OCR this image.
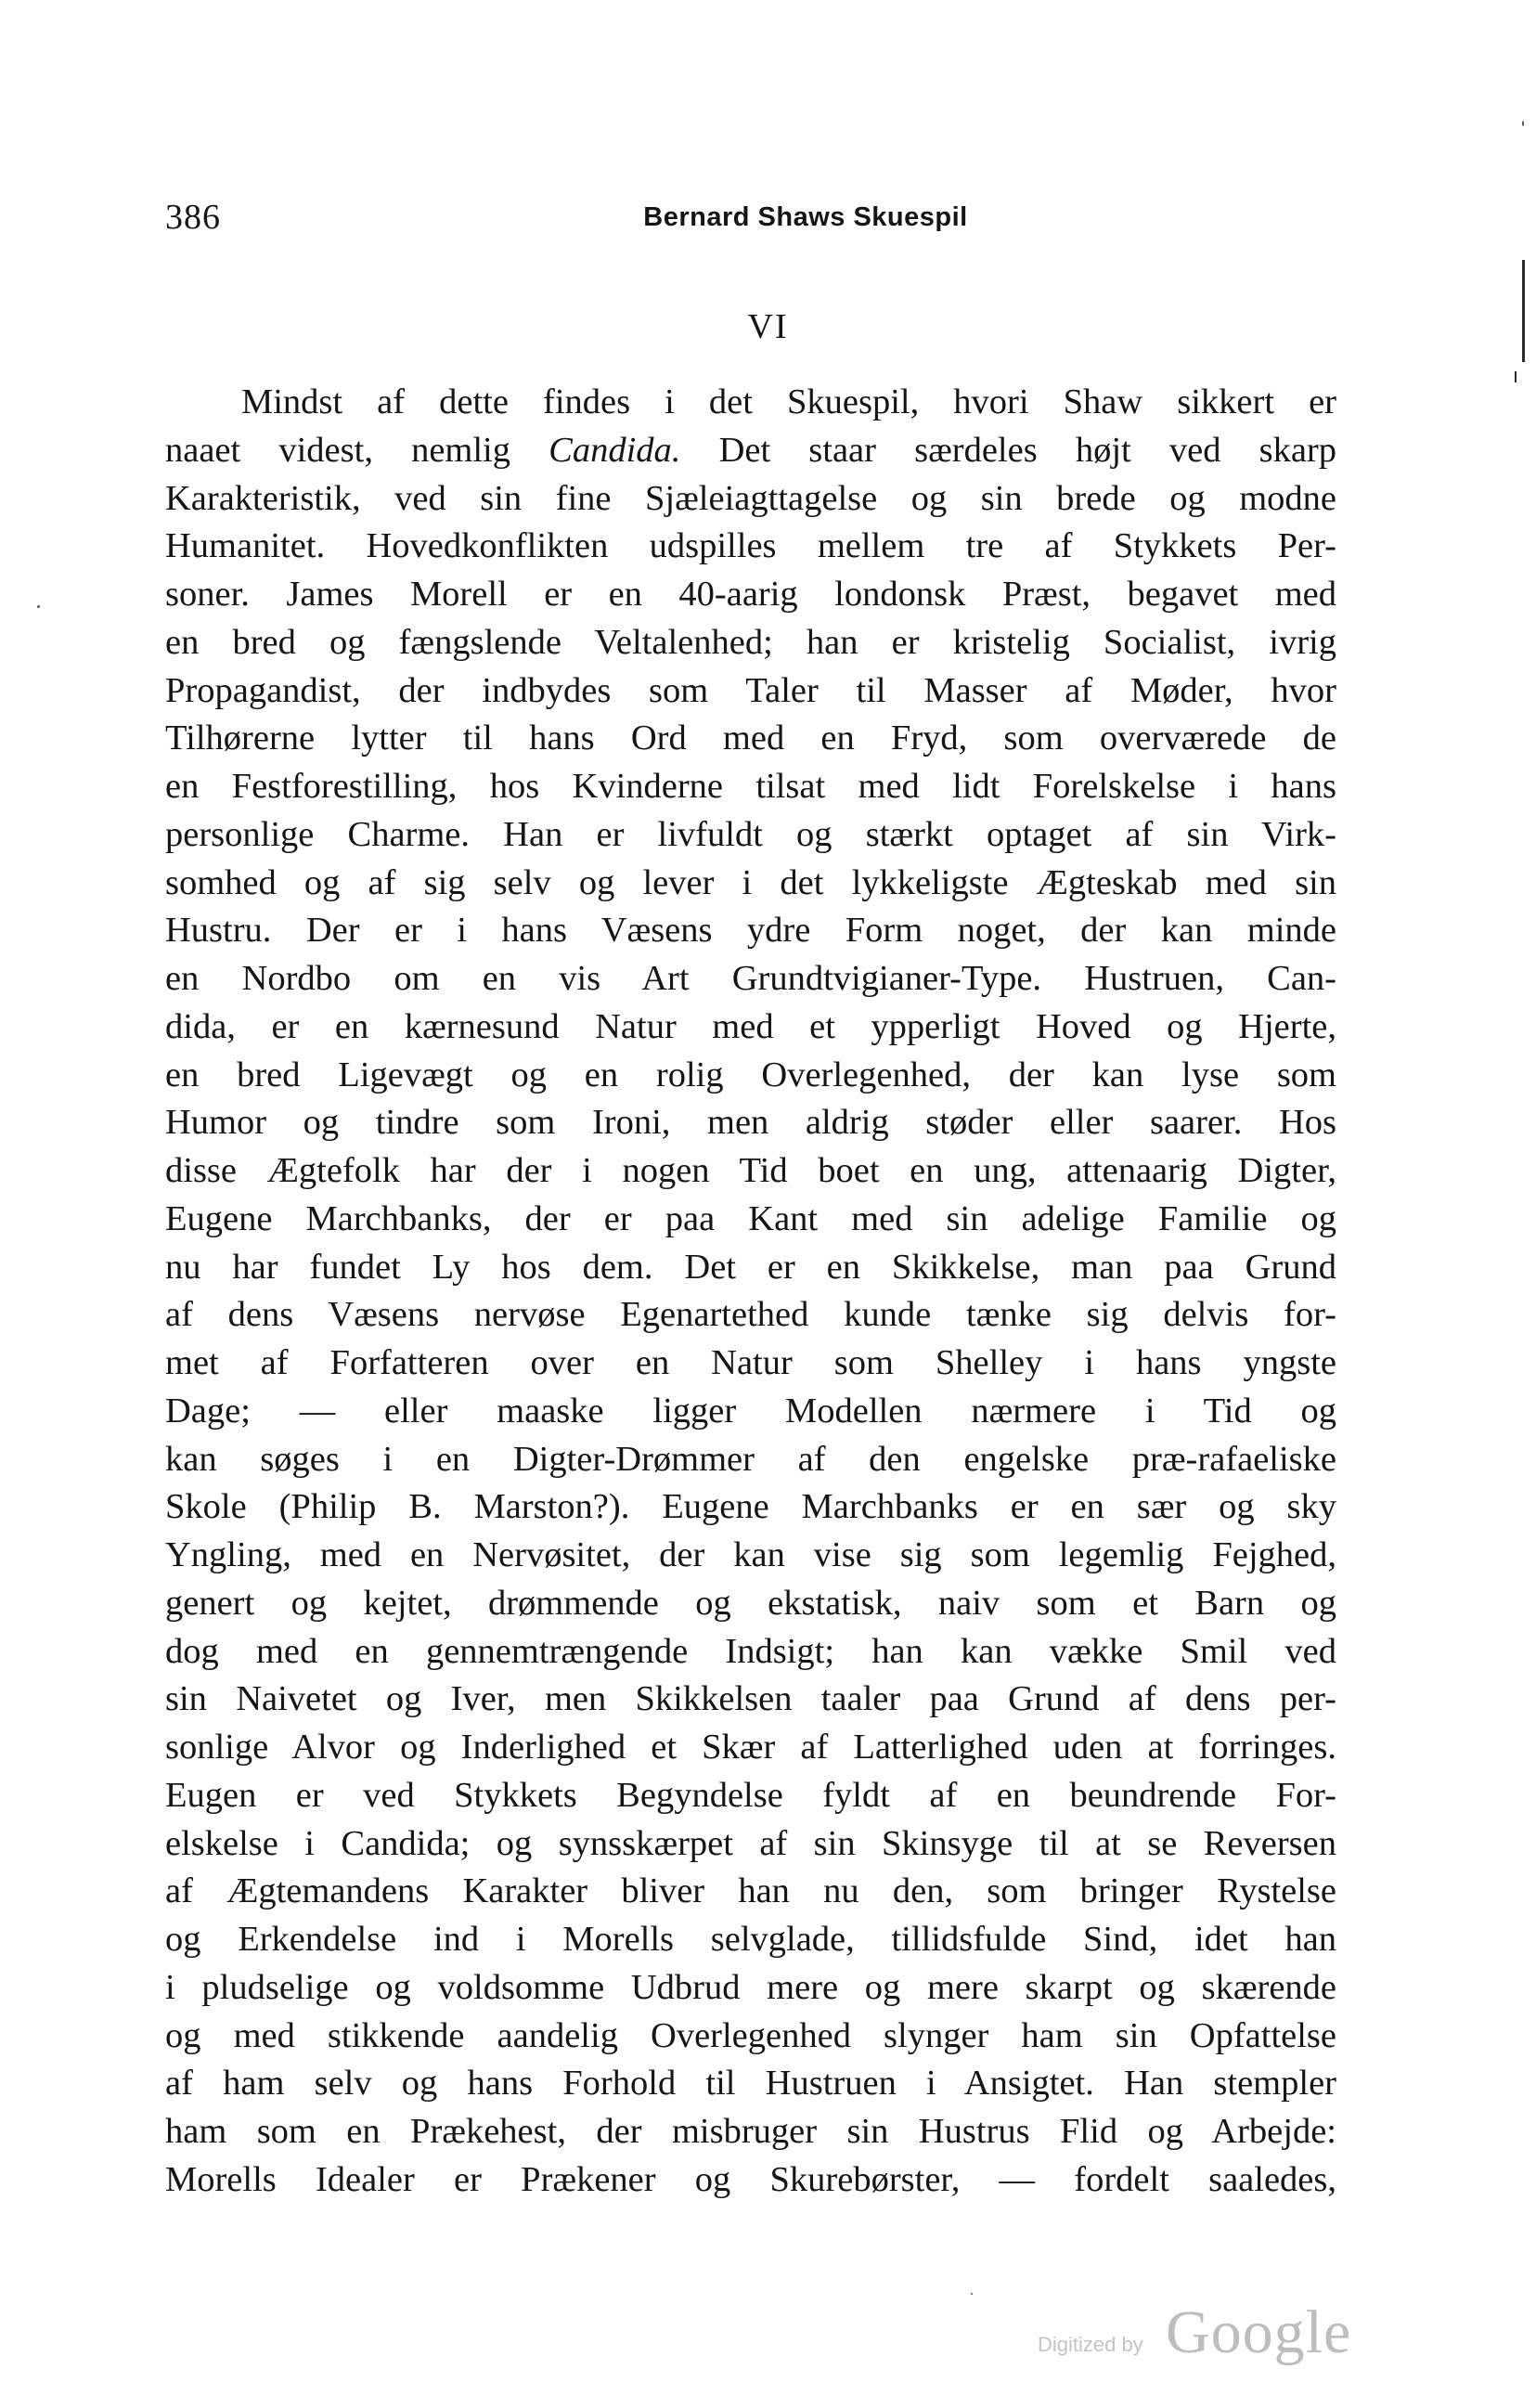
386	Bernard Shaws Skuespil
VI
Mindst af dette findes i det Skuespil, hvori Shaw sikkert er
naaet videst, nemlig Candida. Det staar særdeles højt ved skarp
Karakteristik, ved sin fine Sjæleiagttagelse og sin brede og modne
Humanitet. Hovedkonflikten udspilles mellem tre af Stykkets Per-
soner. James Morell er en 40-aarig londonsk Præst, begavet med
en bred og fængslende Veltalenhed; han er kristelig Socialist, ivrig
Propagandist, der indbydes som Taler til Masser af Møder, hvor
Tilhørerne lytter til hans Ord med en Fryd, som overværede de
en Festforestilling, hos Kvinderne tilsat med lidt Forelskelse i hans
personlige Charme. Han er livfuldt og stærkt optaget af sin Virk-
somhed og af sig selv og lever i det lykkeligste Ægteskab med sin
Hustru. Der er i hans Væsens ydre Form noget, der kan minde
en Nordbo om en vis Art Grundtvigianer-Type. Hustruen, Can-
dida, er en kærnesund Natur med et ypperligt Hoved og Hjerte,
en bred Ligevægt og en rolig Overlegenhed, der kan lyse som
Humor og tindre som Ironi, men aldrig støder eller saarer. Hos
disse Ægtefolk har der i nogen Tid boet en ung, attenaarig Digter,
Eugene Marchbanks, der er paa Kant med sin adelige Familie og
nu har fundet Ly hos dem. Det er en Skikkelse, man paa Grund
af dens Væsens nervøse Egenartethed kunde tænke sig delvis for-
met af Forfatteren over en Natur som Shelley i hans yngste
Dage; — eller maaske ligger Modellen nærmere i Tid og
kan søges i en Digter-Drømmer af den engelske præ-rafaeliske
Skole (Philip B. Marston?). Eugene Marchbanks er en sær og sky
Yngling, med en Nervøsitet, der kan vise sig som legemlig Fejghed,
genert og kejtet, drømmende og ekstatisk, naiv som et Barn og
dog med en gennemtrængende Indsigt; han kan vække Smil ved
sin Naivetet og Iver, men Skikkelsen taaler paa Grund af dens per-
sonlige Alvor og Inderlighed et Skær af Latterlighed uden at forringes.
Eugen er ved Stykkets Begyndelse fyldt af en beundrende For-
elskelse i Candida; og synsskærpet af sin Skinsyge til at se Reversen
af Ægtemandens Karakter bliver han nu den, som bringer Rystelse
og Erkendelse ind i Morells selvglade, tillidsfulde Sind, idet han
i pludselige og voldsomme Udbrud mere og mere skarpt og skærende
og med stikkende aandelig Overlegenhed slynger ham sin Opfattelse
af ham selv og hans Forhold til Hustruen i Ansigtet. Han stempler
ham som en Prækehest, der misbruger sin Hustrus Flid og Arbejde:
Morells Idealer er Prækener og Skurebørster, — fordelt saaledes,
Digitized by Google
